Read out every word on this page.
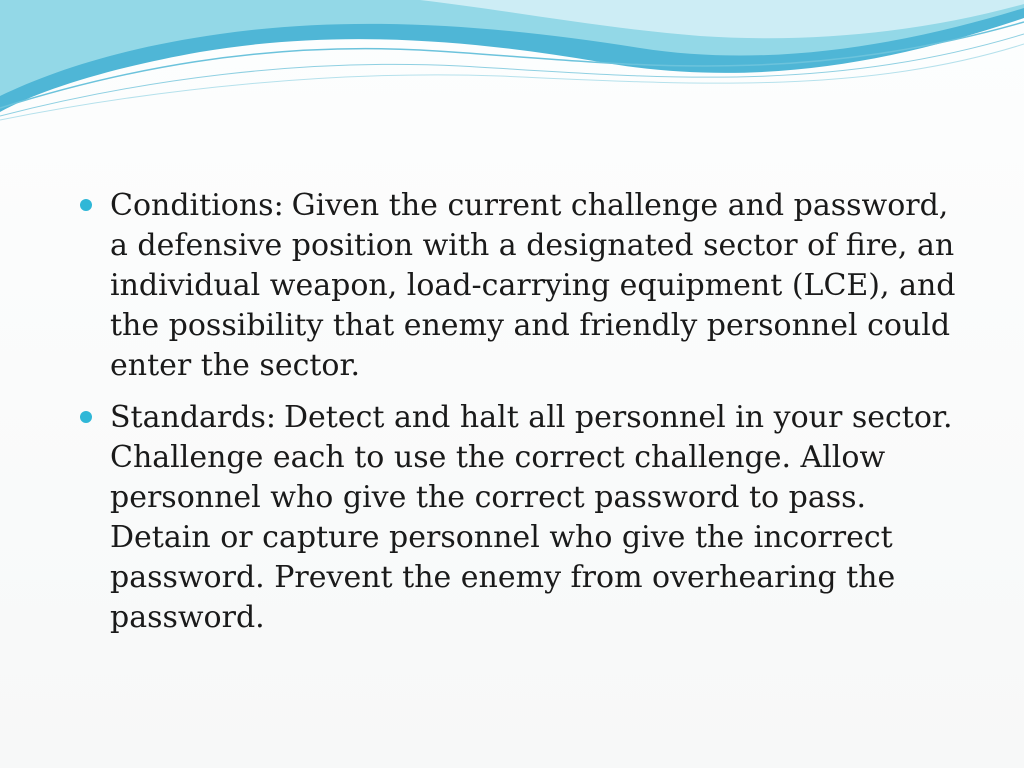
Conditions: Given the current challenge and password, a defensive position with a designated sector of fire, an individual weapon, load-carrying equipment (LCE), and the possibility that enemy and friendly personnel could enter the sector.
Standards: Detect and halt all personnel in your sector. Challenge each to use the correct challenge. Allow personnel who give the correct password to pass. Detain or capture personnel who give the incorrect password. Prevent the enemy from overhearing the password.
